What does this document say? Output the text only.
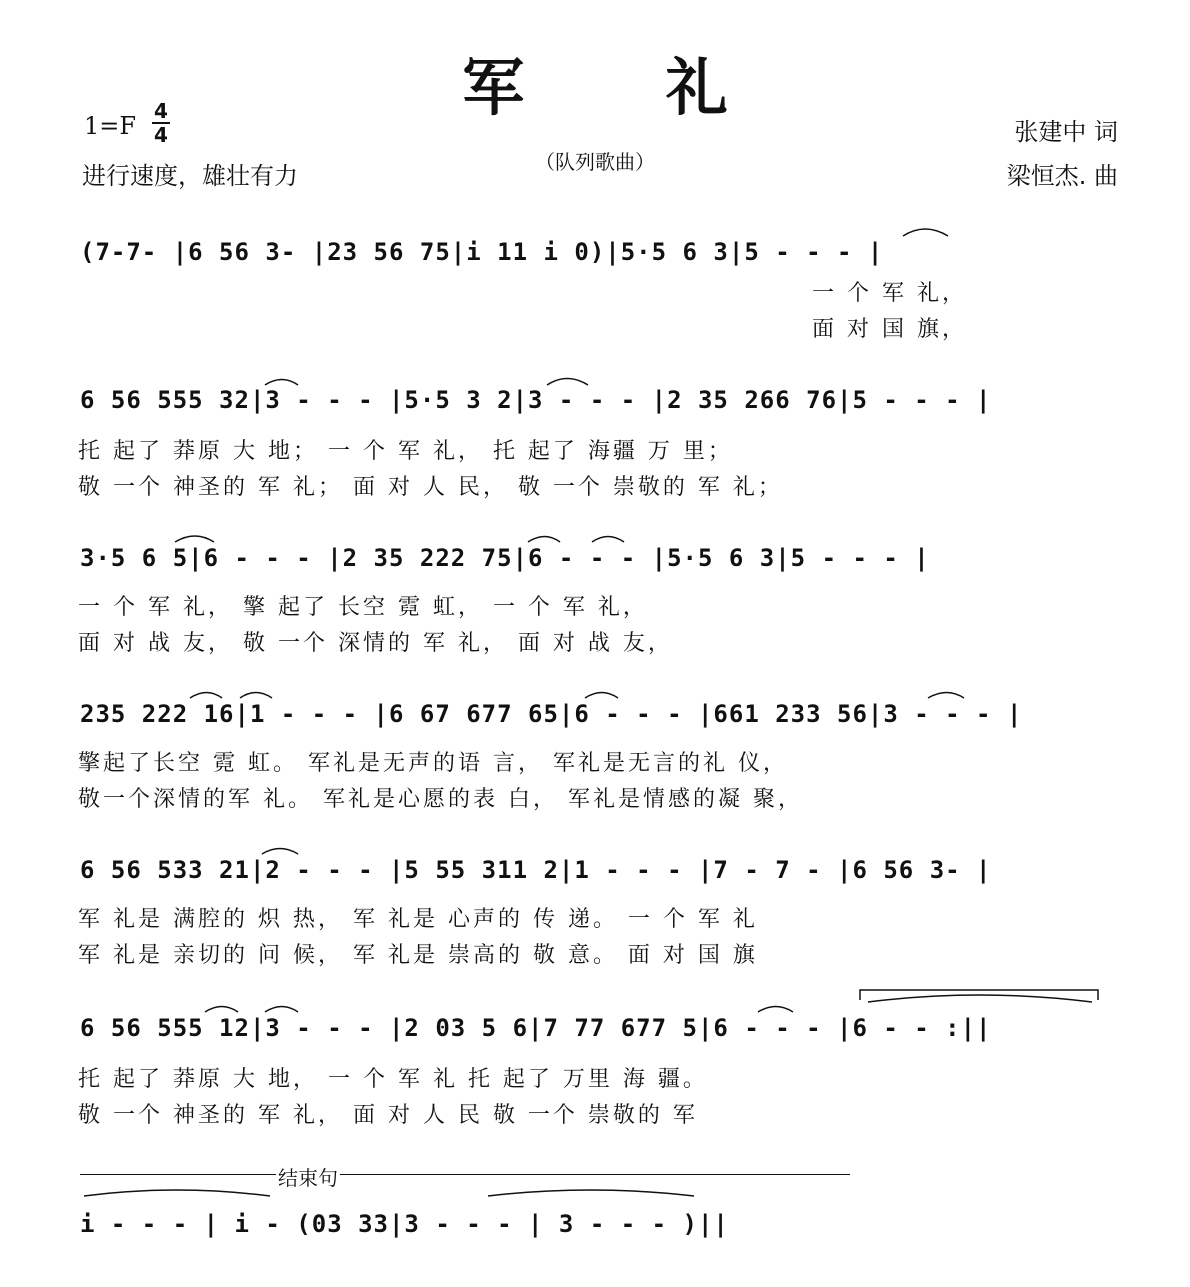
军 礼
（队列歌曲）
1=F
4
4
进行速度，雄壮有力
张建中 词
梁恒杰. 曲
(7-7- |6 56 3- |23 56 75|i 11 i 0)|5·5 6 3|5 - - - |
一 个 军 礼，
面 对 国 旗，
6 56 555 32|3 - - - |5·5 3 2|3 - - - |2 35 266 76|5 - - - |
托 起了 莽原 大 地； 一 个 军 礼， 托 起了 海疆 万 里；
敬 一个 神圣的 军 礼； 面 对 人 民， 敬 一个 崇敬的 军 礼；
3·5 6 5|6 - - - |2 35 222 75|6 - - - |5·5 6 3|5 - - - |
一 个 军 礼， 擎 起了 长空 霓 虹， 一 个 军 礼，
面 对 战 友， 敬 一个 深情的 军 礼， 面 对 战 友，
235 222 16|1 - - - |6 67 677 65|6 - - - |661 233 56|3 - - - |
擎起了长空 霓 虹。 军礼是无声的语 言， 军礼是无言的礼 仪，
敬一个深情的军 礼。 军礼是心愿的表 白， 军礼是情感的凝 聚，
6 56 533 21|2 - - - |5 55 311 2|1 - - - |7 - 7 - |6 56 3- |
军 礼是 满腔的 炽 热， 军 礼是 心声的 传 递。 一 个 军 礼
军 礼是 亲切的 问 候， 军 礼是 崇高的 敬 意。 面 对 国 旗
6 56 555 12|3 - - - |2 03 5 6|7 77 677 5|6 - - - |6 - - :||
托 起了 莽原 大 地， 一 个 军 礼 托 起了 万里 海 疆。
敬 一个 神圣的 军 礼， 面 对 人 民 敬 一个 崇敬的 军
结束句
i - - - | i - (03 33|3 - - - | 3 - - - )||
